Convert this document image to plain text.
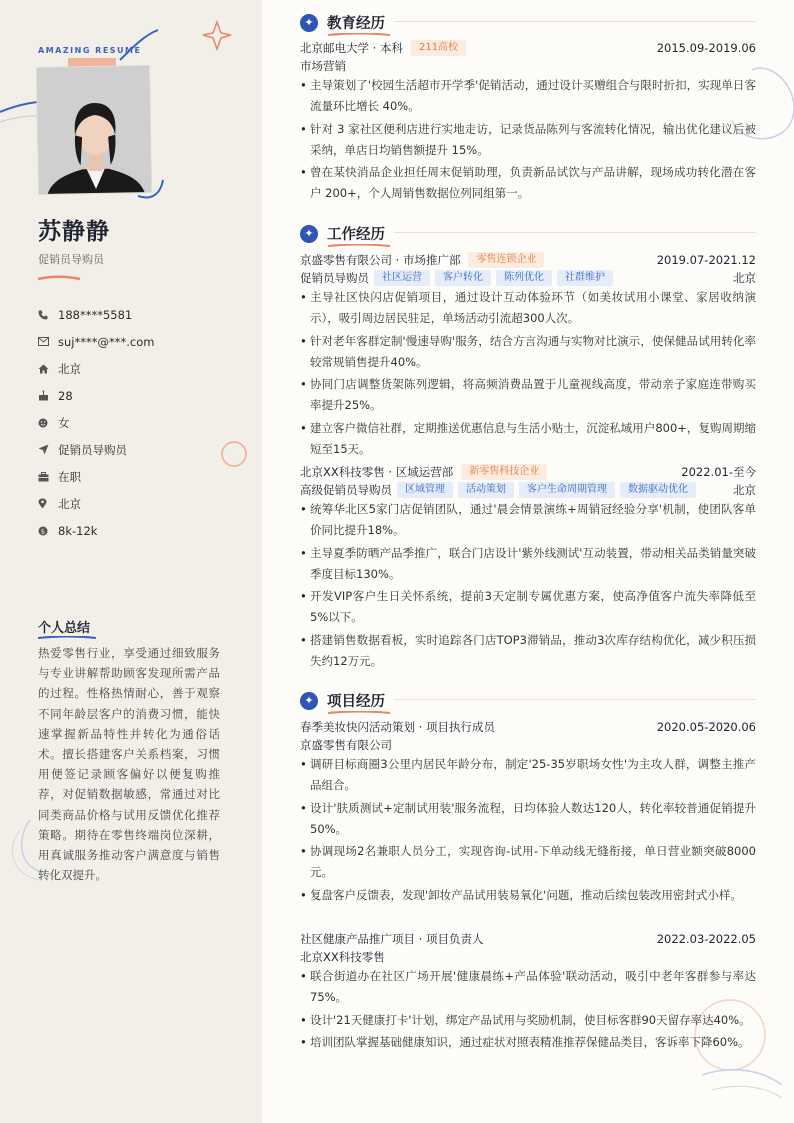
AMAZING RESUME
苏静静
促销员导购员
188****5581
suj****@***.com
北京
28
女
促销员导购员
在职
北京
$ 8k-12k
个人总结
热爱零售行业，享受通过细致服务与专业讲解帮助顾客发现所需产品的过程。性格热情耐心，善于观察不同年龄层客户的消费习惯，能快速掌握新品特性并转化为通俗话术。擅长搭建客户关系档案，习惯用便签记录顾客偏好以便复购推荐，对促销数据敏感，常通过对比同类商品价格与试用反馈优化推荐策略。期待在零售终端岗位深耕，用真诚服务推动客户满意度与销售转化双提升。
✦ 教育经历
北京邮电大学 · 本科	211高校	2015.09-2019.06
市场营销
• 主导策划了'校园生活超市开学季'促销活动，通过设计买赠组合与限时折扣，实现单日客流量环比增长 40%。
• 针对 3 家社区便利店进行实地走访，记录货品陈列与客流转化情况，输出优化建议后被采纳，单店日均销售额提升 15%。
• 曾在某快消品企业担任周末促销助理，负责新品试饮与产品讲解，现场成功转化潜在客户 200+，个人周销售数据位列同组第一。
✦ 工作经历
京盛零售有限公司 · 市场推广部	零售连锁企业	2019.07-2021.12
促销员导购员	社区运营	客户转化	陈列优化	社群维护	北京
• 主导社区快闪店促销项目，通过设计互动体验环节（如美妆试用小课堂、家居收纳演示），吸引周边居民驻足，单场活动引流超300人次。
• 针对老年客群定制'慢速导购'服务，结合方言沟通与实物对比演示，使保健品试用转化率较常规销售提升40%。
• 协同门店调整货架陈列逻辑，将高频消费品置于儿童视线高度，带动亲子家庭连带购买率提升25%。
• 建立客户微信社群，定期推送优惠信息与生活小贴士，沉淀私域用户800+，复购周期缩短至15天。
北京XX科技零售 · 区域运营部	新零售科技企业	2022.01-至今
高级促销员导购员	区域管理	活动策划	客户生命周期管理	数据驱动优化	北京
• 统筹华北区5家门店促销团队，通过'晨会情景演练+周销冠经验分享'机制，使团队客单价同比提升18%。
• 主导夏季防晒产品季推广，联合门店设计'紫外线测试'互动装置，带动相关品类销量突破季度目标130%。
• 开发VIP客户生日关怀系统，提前3天定制专属优惠方案，使高净值客户流失率降低至5%以下。
• 搭建销售数据看板，实时追踪各门店TOP3滞销品，推动3次库存结构优化，减少积压损失约12万元。
✦ 项目经历
春季美妆快闪活动策划 · 项目执行成员	2020.05-2020.06
京盛零售有限公司
• 调研目标商圈3公里内居民年龄分布，制定'25-35岁职场女性'为主攻人群，调整主推产品组合。
• 设计'肤质测试+定制试用装'服务流程，日均体验人数达120人，转化率较普通促销提升50%。
• 协调现场2名兼职人员分工，实现咨询-试用-下单动线无缝衔接，单日营业额突破8000元。
• 复盘客户反馈表，发现'卸妆产品试用装易氧化'问题，推动后续包装改用密封式小样。
社区健康产品推广项目 · 项目负责人	2022.03-2022.05
北京XX科技零售
• 联合街道办在社区广场开展'健康晨练+产品体验'联动活动，吸引中老年客群参与率达75%。
• 设计'21天健康打卡'计划，绑定产品试用与奖励机制，使目标客群90天留存率达40%。
• 培训团队掌握基础健康知识，通过症状对照表精准推荐保健品类目，客诉率下降60%。
